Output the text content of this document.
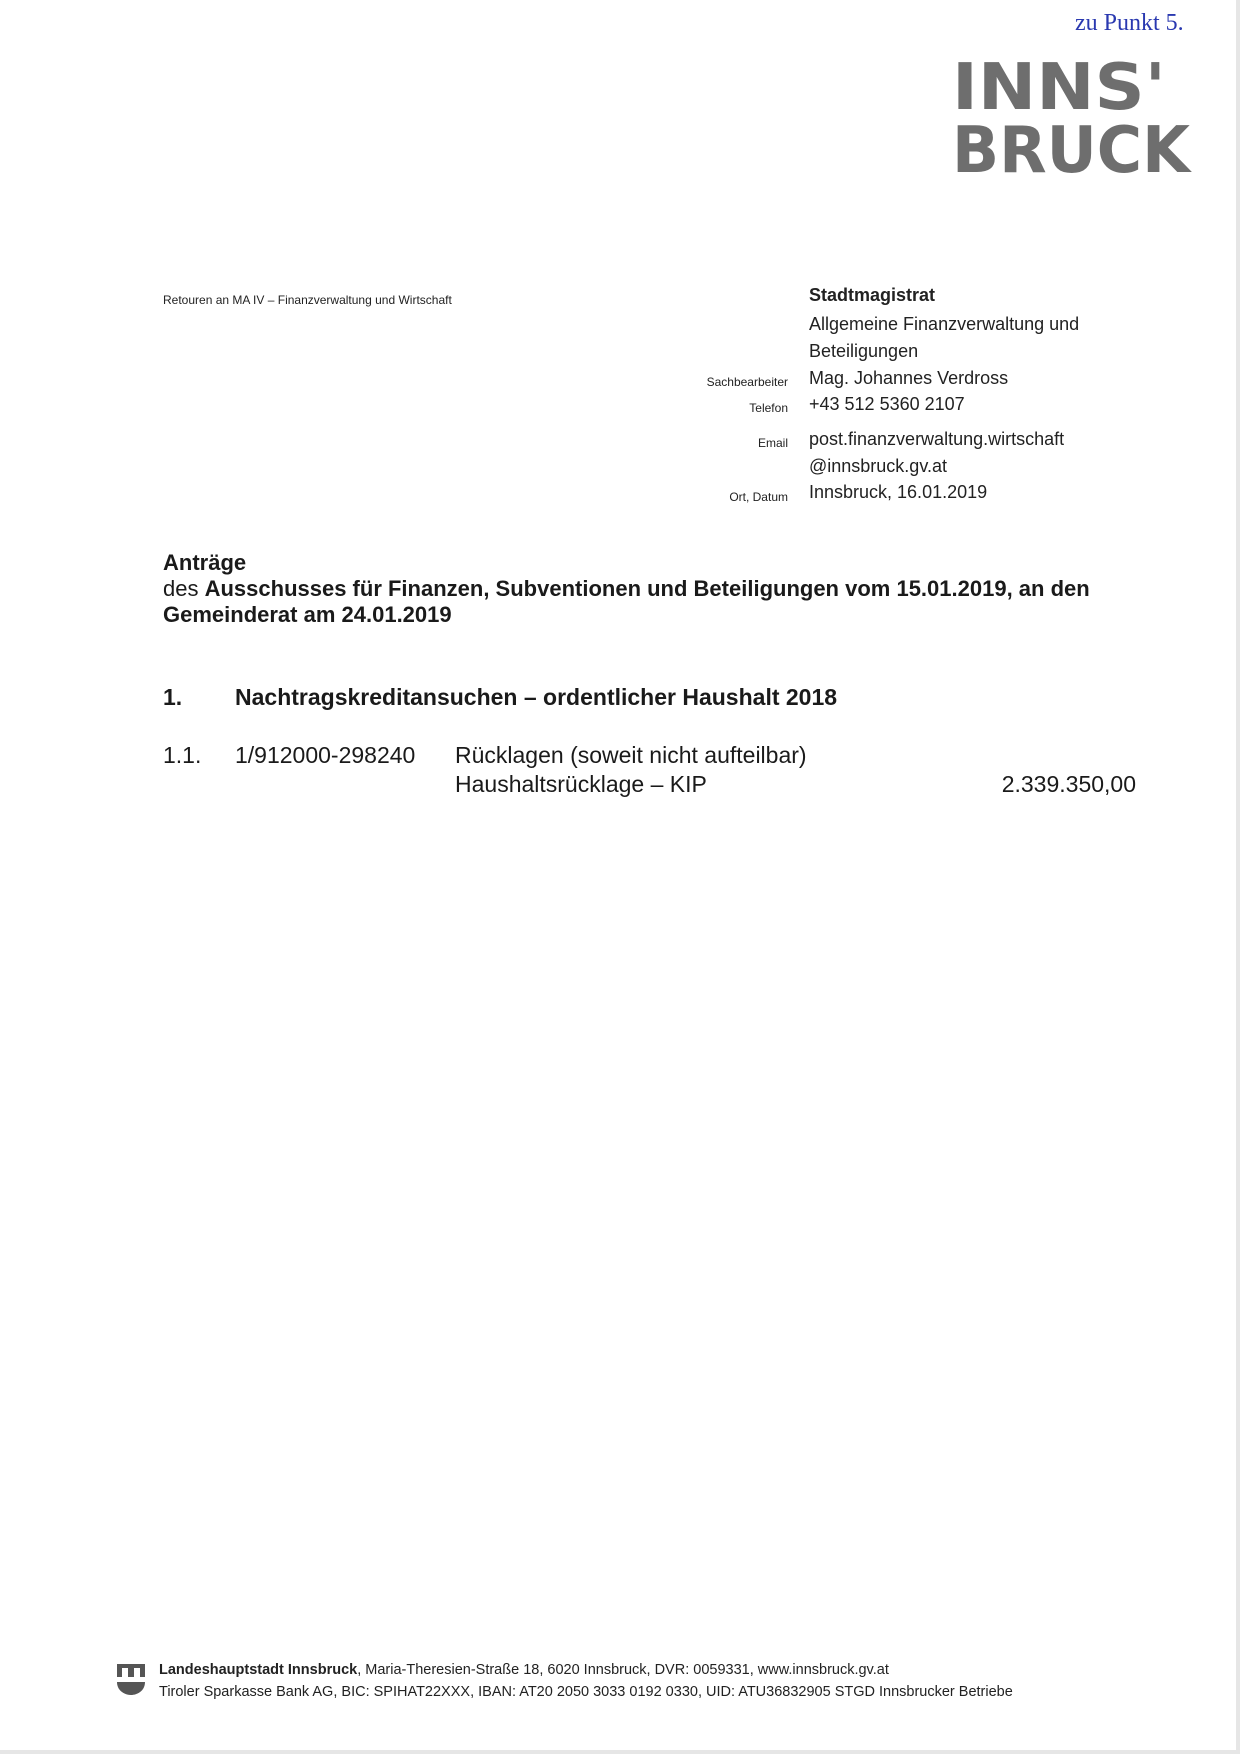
zu Punkt 5.
INNS'
BRUCK
Retouren an MA IV – Finanzverwaltung und Wirtschaft	Stadtmagistrat
Allgemeine Finanzverwaltung und
Beteiligungen
Sachbearbeiter Mag. Johannes Verdross
Telefon +43 512 5360 2107
Email post.finanzverwaltung.wirtschaft
@innsbruck.gv.at
Ort, Datum Innsbruck, 16.01.2019
Anträge
des Ausschusses für Finanzen, Subventionen und Beteiligungen vom 15.01.2019, an den
Gemeinderat am 24.01.2019
1. Nachtragskreditansuchen – ordentlicher Haushalt 2018
1.1. 1/912000-298240 Rücklagen (soweit nicht aufteilbar)
Haushaltsrücklage – KIP	2.339.350,00
Landeshauptstadt Innsbruck, Maria-Theresien-Straße 18, 6020 Innsbruck, DVR: 0059331, www.innsbruck.gv.at
Tiroler Sparkasse Bank AG, BIC: SPIHAT22XXX, IBAN: AT20 2050 3033 0192 0330, UID: ATU36832905 STGD Innsbrucker Betriebe
